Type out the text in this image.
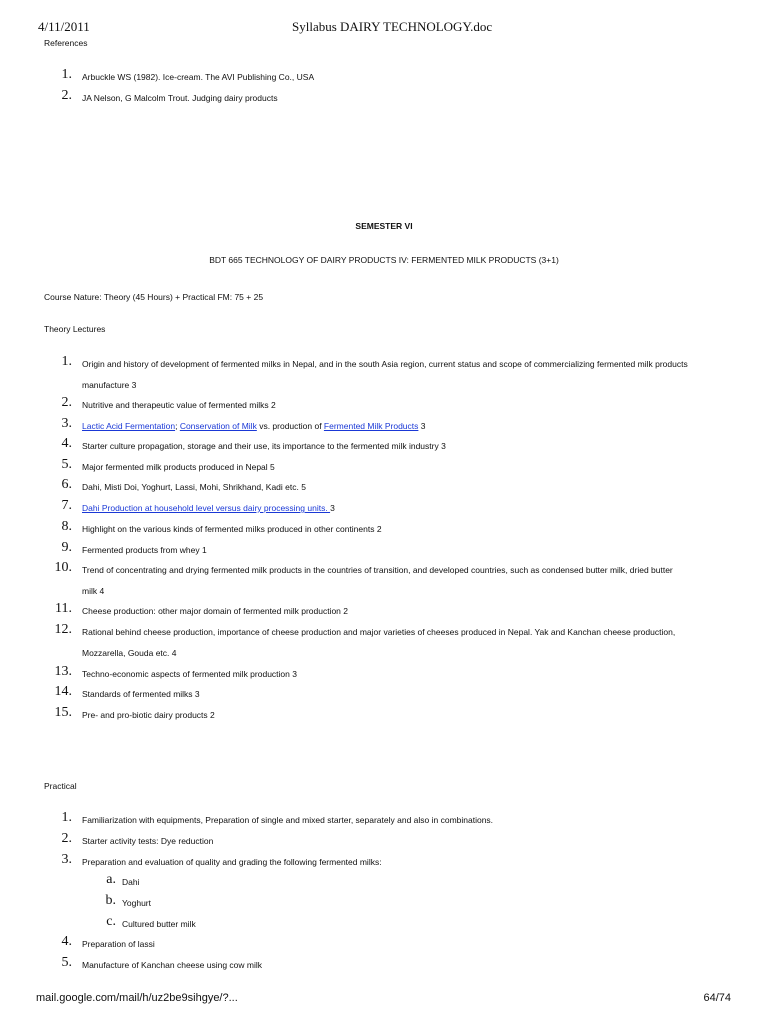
4/11/2011	Syllabus DAIRY TECHNOLOGY.doc
References
1. Arbuckle WS (1982). Ice-cream. The AVI Publishing Co., USA
2. JA Nelson, G Malcolm Trout. Judging dairy products
SEMESTER VI
BDT 665 TECHNOLOGY OF DAIRY PRODUCTS IV: FERMENTED MILK PRODUCTS (3+1)
Course Nature: Theory (45 Hours) + Practical FM: 75 + 25
Theory Lectures
1. Origin and history of development of fermented milks in Nepal, and in the south Asia region, current status and scope of commercializing fermented milk products
manufacture 3
2. Nutritive and therapeutic value of fermented milks 2
3. Lactic Acid Fermentation; Conservation of Milk vs. production of Fermented Milk Products 3
4. Starter culture propagation, storage and their use, its importance to the fermented milk industry 3
5. Major fermented milk products produced in Nepal 5
6. Dahi, Misti Doi, Yoghurt, Lassi, Mohi, Shrikhand, Kadi etc. 5
7. Dahi Production at household level versus dairy processing units. 3
8. Highlight on the various kinds of fermented milks produced in other continents 2
9. Fermented products from whey 1
10. Trend of concentrating and drying fermented milk products in the countries of transition, and developed countries, such as condensed butter milk, dried butter
milk 4
11. Cheese production: other major domain of fermented milk production 2
12. Rational behind cheese production, importance of cheese production and major varieties of cheeses produced in Nepal. Yak and Kanchan cheese production,
Mozzarella, Gouda etc. 4
13. Techno-economic aspects of fermented milk production 3
14. Standards of fermented milks 3
15. Pre- and pro-biotic dairy products 2
Practical
1. Familiarization with equipments, Preparation of single and mixed starter, separately and also in combinations.
2. Starter activity tests: Dye reduction
3. Preparation and evaluation of quality and grading the following fermented milks:
a. Dahi
b. Yoghurt
c. Cultured butter milk
4. Preparation of lassi
5. Manufacture of Kanchan cheese using cow milk
mail.google.com/mail/h/uz2be9sihgye/?...	64/74
